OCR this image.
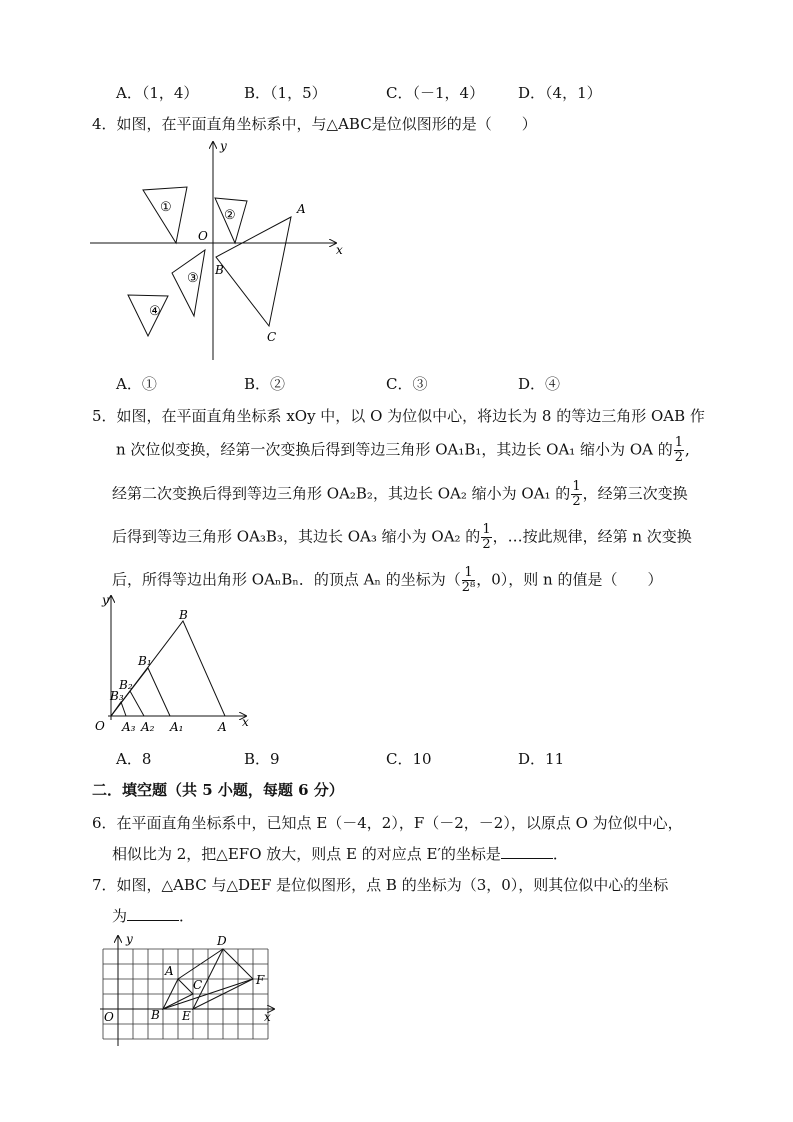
A．（1，4）	B．（1，5）	C．（－1，4） D．（4，1）
4．如图，在平面直角坐标系中，与△ABC是位似图形的是（　　）
y
x
O
A
B
C
①
②
③
④
A．①	B．②	C．③	D．④
5．如图，在平面直角坐标系 xOy 中，以 O 为位似中心，将边长为 8 的等边三角形 OAB 作
n 次位似变换，经第一次变换后得到等边三角形 OA₁B₁，其边长 OA₁ 缩小为 OA 的 $\frac{1}{2}$ ,
经第二次变换后得到等边三角形 OA₂B₂，其边长 OA₂ 缩小为 OA₁ 的 $\frac{1}{2}$ ，经第三次变换
后得到等边三角形 OA₃B₃，其边长 OA₃ 缩小为 OA₂ 的 $\frac{1}{2}$ ，…按此规律，经第 n 次变换
后，所得等边出角形 OAₙBₙ．的顶点 Aₙ 的坐标为（ $\frac{1}{\text{2⁸}}$ ，0），则 n 的值是（　　）
y
x
O
B
B₁
B₂
B₃
A
A₁
A₂
A₃
A．8	B．9	C．10	D．11
二．填空题（共 5 小题，每题 6 分）
6．在平面直角坐标系中，已知点 E（－4，2），F（－2，－2），以原点 O 为位似中心，
相似比为 2，把△EFO 放大，则点 E 的对应点 E′的坐标是	．
7．如图，△ABC 与△DEF 是位似图形，点 B 的坐标为（3，0），则其位似中心的坐标
为	．
y
x
O
A
B
C
D
E
F
